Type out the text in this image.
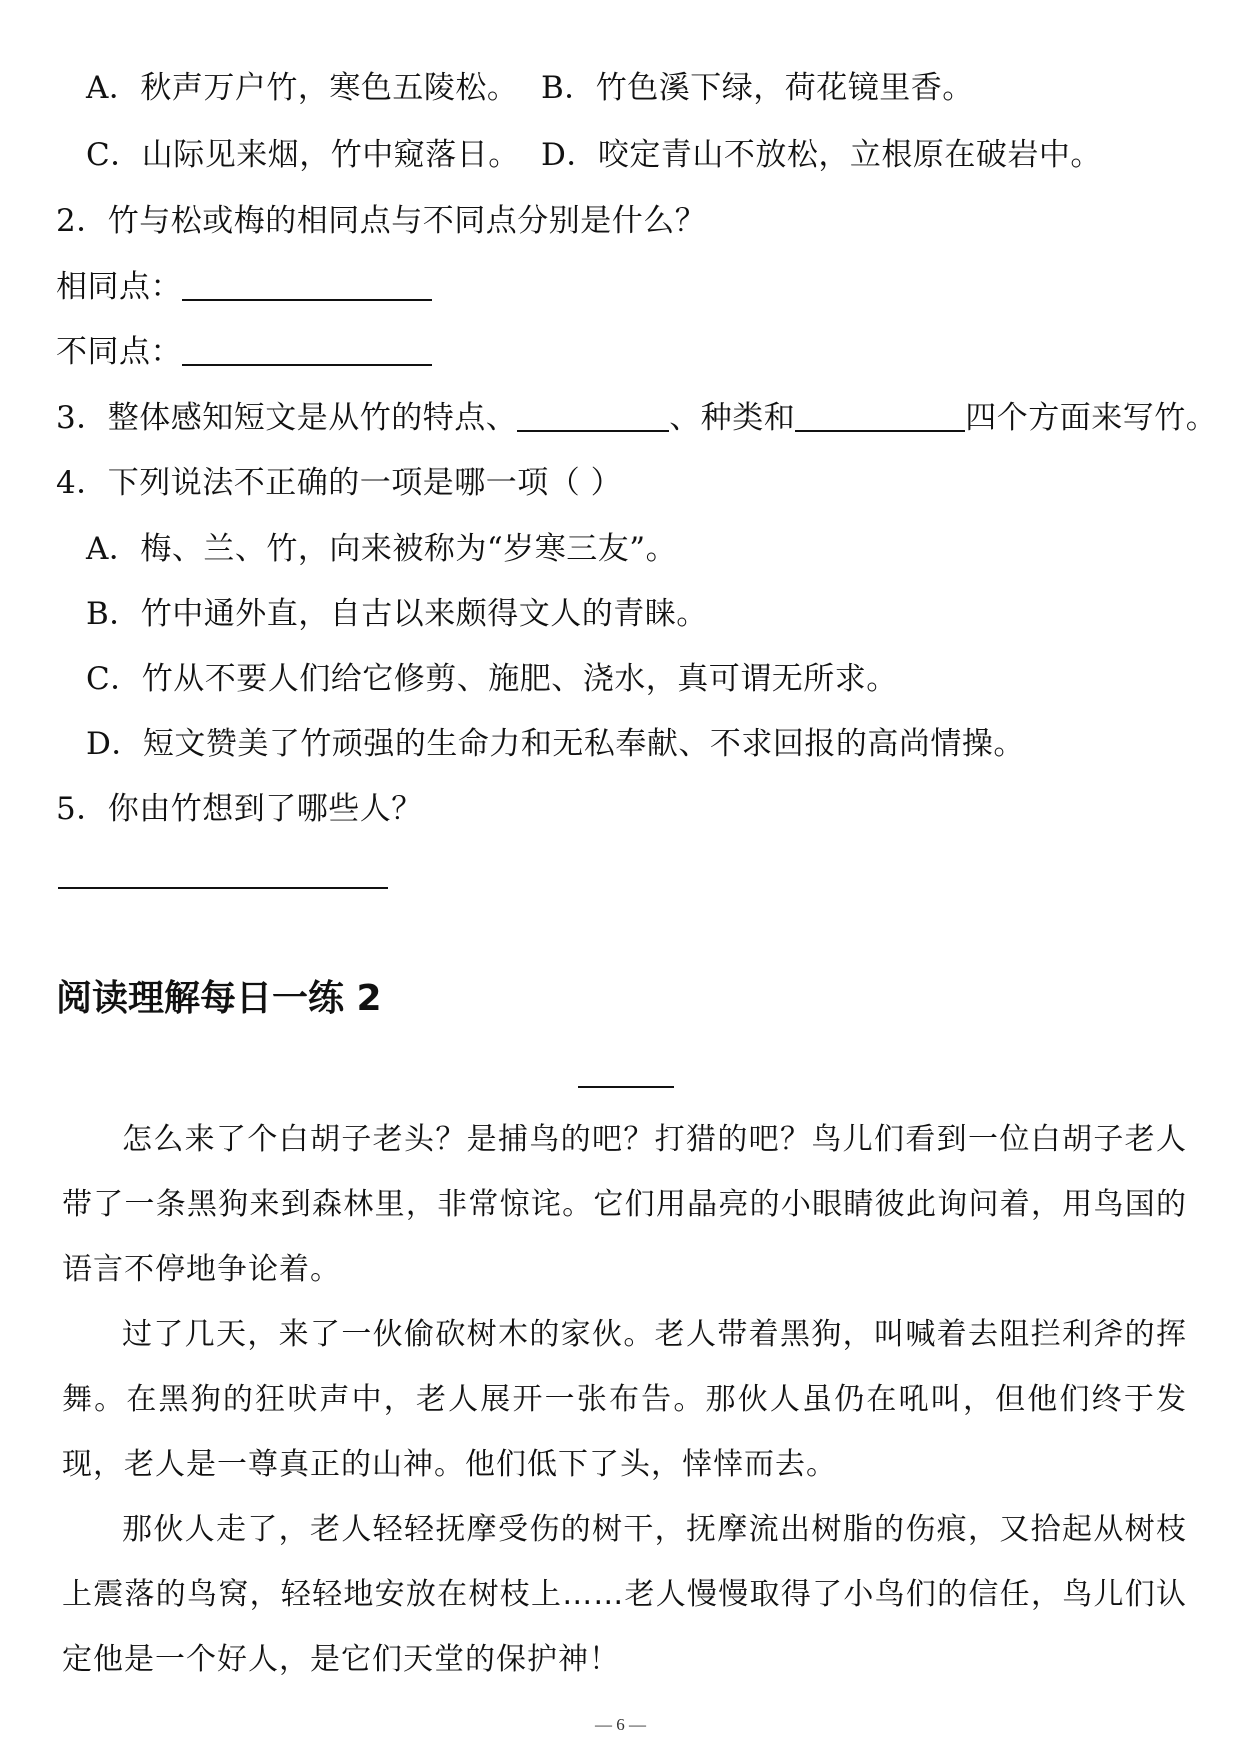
A．秋声万户竹，寒色五陵松。 B．竹色溪下绿，荷花镜里香。
C．山际见来烟，竹中窥落日。 D．咬定青山不放松，立根原在破岩中。
2．竹与松或梅的相同点与不同点分别是什么？
相同点：
不同点：
3．整体感知短文是从竹的特点、	、种类和	四个方面来写竹。
4．下列说法不正确的一项是哪一项（ ）
A．梅、兰、竹，向来被称为“岁寒三友”。
B．竹中通外直，自古以来颇得文人的青睐。
C．竹从不要人们给它修剪、施肥、浇水，真可谓无所求。
D．短文赞美了竹顽强的生命力和无私奉献、不求回报的高尚情操。
5．你由竹想到了哪些人？
阅读理解每日一练 2

怎么来了个白胡子老头？是捕鸟的吧？打猎的吧？鸟儿们看到一位白胡子老人带了一条黑狗来到森林里，非常惊诧。它们用晶亮的小眼睛彼此询问着，用鸟国的语言不停地争论着。

过了几天，来了一伙偷砍树木的家伙。老人带着黑狗，叫喊着去阻拦利斧的挥舞。在黑狗的狂吠声中，老人展开一张布告。那伙人虽仍在吼叫，但他们终于发现，老人是一尊真正的山神。他们低下了头，悻悻而去。

那伙人走了，老人轻轻抚摩受伤的树干，抚摩流出树脂的伤痕，又拾起从树枝上震落的鸟窝，轻轻地安放在树枝上……老人慢慢取得了小鸟们的信任，鸟儿们认定他是一个好人，是它们天堂的保护神！

— 6 —
